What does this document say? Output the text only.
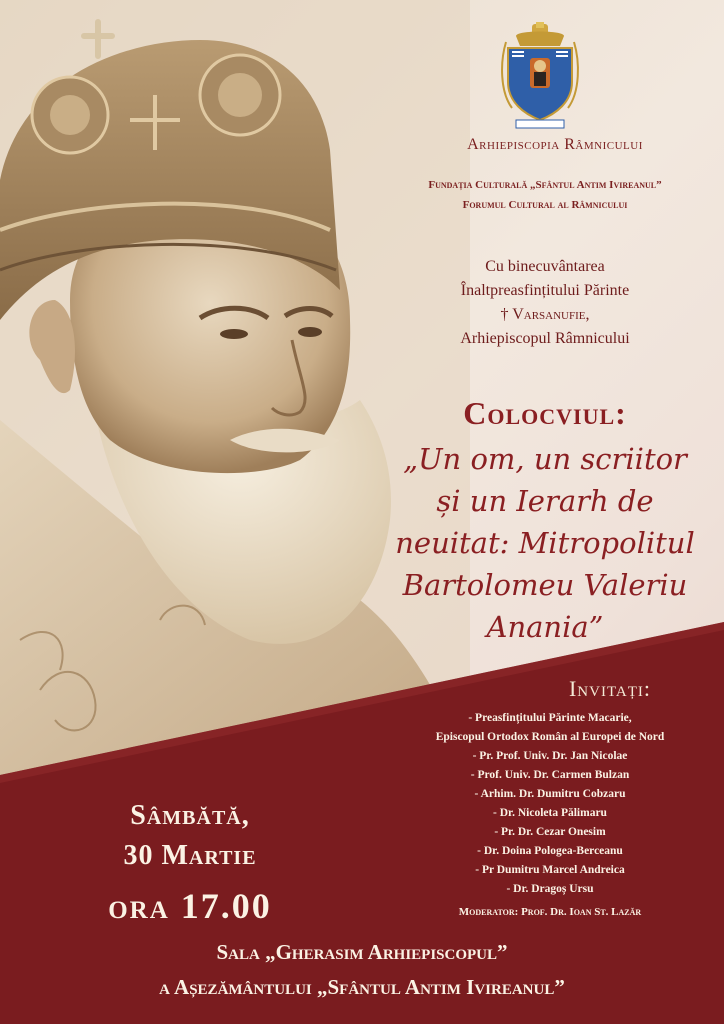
Arhiepiscopia Râmnicului

Fundația Culturală „Sfântul Antim Ivireanul”

Forumul Cultural al Râmnicului

Cu binecuvântarea

Înaltpreasfințitului Părinte

† Varsanufie,

Arhiepiscopul Râmnicului

Colocviul:

„Un om, un scriitor

și un Ierarh de

neuitat: Mitropolitul

Bartolomeu Valeriu

Anania”

Invitați:

- Preasfințitului Părinte Macarie,

Episcopul Ortodox Român al Europei de Nord

- Pr. Prof. Univ. Dr. Jan Nicolae

- Prof. Univ. Dr. Carmen Bulzan

- Arhim. Dr. Dumitru Cobzaru

- Dr. Nicoleta Pălimaru

- Pr. Dr. Cezar Onesim

- Dr. Doina Pologea-Berceanu

- Pr Dumitru Marcel Andreica

- Dr. Dragoș Ursu

Moderator: Prof. Dr. Ioan St. Lazăr

Sâmbătă,

30 Martie

ora 17.00

Sala „Gherasim Arhiepiscopul”

a Așezământului „Sfântul Antim Ivireanul”
